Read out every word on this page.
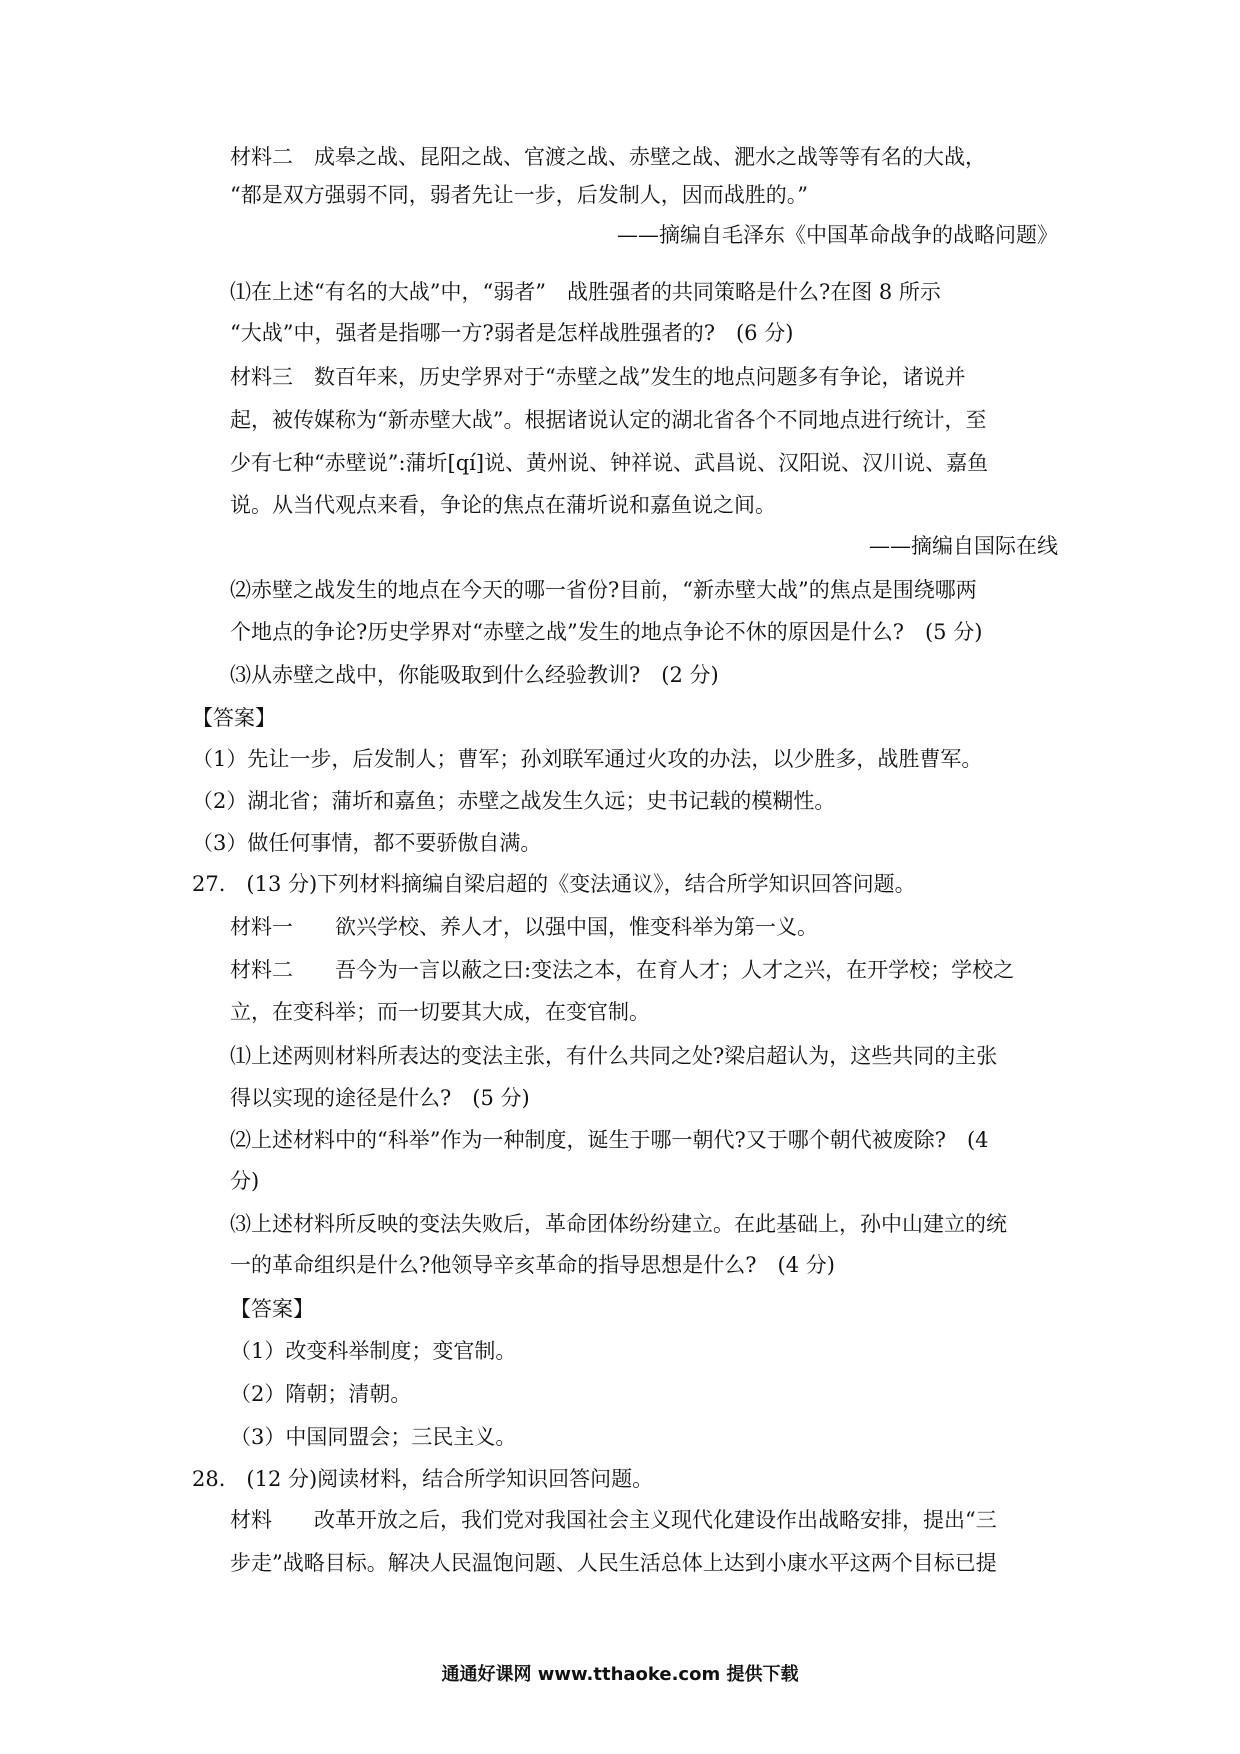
材料二　成皋之战、昆阳之战、官渡之战、赤壁之战、淝水之战等等有名的大战，
“都是双方强弱不同，弱者先让一步，后发制人，因而战胜的。”
——摘编自毛泽东《中国革命战争的战略问题》
⑴在上述“有名的大战”中，“弱者”　战胜强者的共同策略是什么?在图 8 所示
“大战”中，强者是指哪一方?弱者是怎样战胜强者的?　(6 分)
材料三　数百年来，历史学界对于“赤壁之战”发生的地点问题多有争论，诸说并
起，被传媒称为“新赤壁大战”。根据诸说认定的湖北省各个不同地点进行统计，至
少有七种“赤壁说”:蒲圻[qí]说、黄州说、钟祥说、武昌说、汉阳说、汉川说、嘉鱼
说。从当代观点来看，争论的焦点在蒲圻说和嘉鱼说之间。
——摘编自国际在线
⑵赤壁之战发生的地点在今天的哪一省份?目前，“新赤壁大战”的焦点是围绕哪两
个地点的争论?历史学界对“赤壁之战”发生的地点争论不休的原因是什么?　(5 分)
⑶从赤壁之战中，你能吸取到什么经验教训?　(2 分)
【答案】
（1）先让一步，后发制人；曹军；孙刘联军通过火攻的办法，以少胜多，战胜曹军。
（2）湖北省；蒲圻和嘉鱼；赤壁之战发生久远；史书记载的模糊性。
（3）做任何事情，都不要骄傲自满。
27.　(13 分)下列材料摘编自梁启超的《变法通议》，结合所学知识回答问题。
材料一　　欲兴学校、养人才，以强中国，惟变科举为第一义。
材料二　　吾今为一言以蔽之曰:变法之本，在育人才；人才之兴，在开学校；学校之
立，在变科举；而一切要其大成，在变官制。
⑴上述两则材料所表达的变法主张，有什么共同之处?梁启超认为，这些共同的主张
得以实现的途径是什么?　(5 分)
⑵上述材料中的“科举”作为一种制度，诞生于哪一朝代?又于哪个朝代被废除?　(4
分)
⑶上述材料所反映的变法失败后，革命团体纷纷建立。在此基础上，孙中山建立的统
一的革命组织是什么?他领导辛亥革命的指导思想是什么?　(4 分)
【答案】
（1）改变科举制度；变官制。
（2）隋朝；清朝。
（3）中国同盟会；三民主义。
28.　(12 分)阅读材料，结合所学知识回答问题。
材料　　改革开放之后，我们党对我国社会主义现代化建设作出战略安排，提出“三
步走”战略目标。解决人民温饱问题、人民生活总体上达到小康水平这两个目标已提
通通好课网 www.tthaoke.com 提供下载
